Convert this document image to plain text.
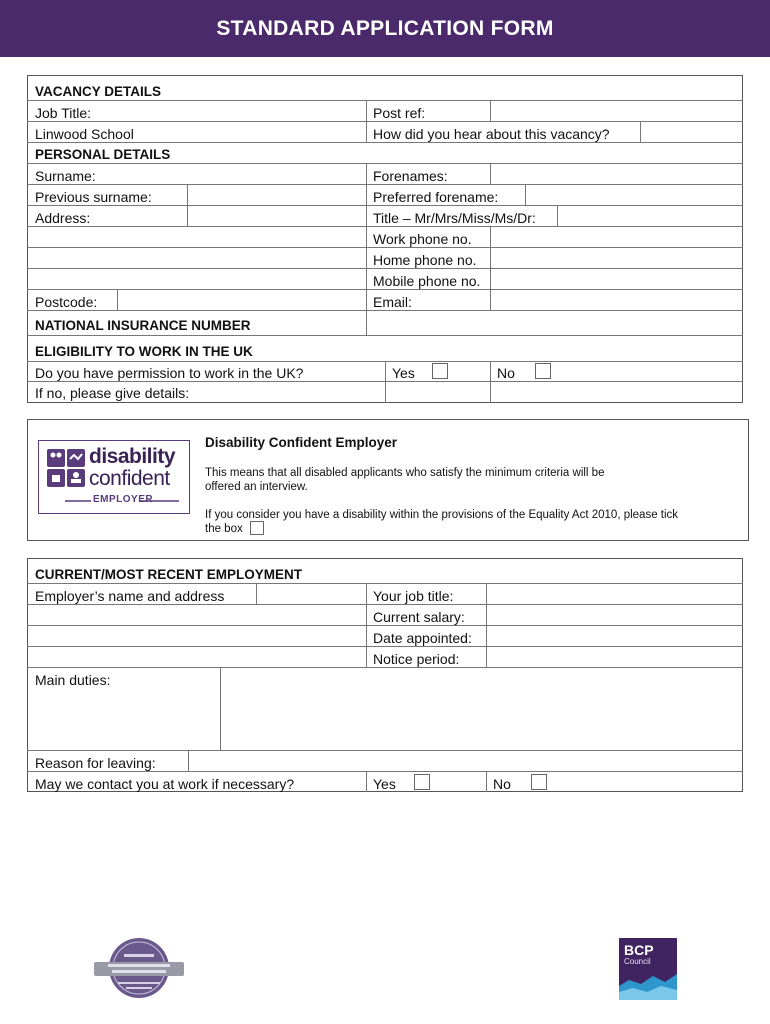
STANDARD APPLICATION FORM
VACANCY DETAILS
Job Title:	Post ref:
Linwood School	How did you hear about this vacancy?
PERSONAL DETAILS
Surname:	Forenames:
Previous surname:	Preferred forename:
Address:	Title – Mr/Mrs/Miss/Ms/Dr:
Work phone no.
Home phone no.
Mobile phone no.
Postcode:	Email:
NATIONAL INSURANCE NUMBER
ELIGIBILITY TO WORK IN THE UK
Do you have permission to work in the UK?	Yes	No
If no, please give details:
disability
confident
EMPLOYER
Disability Confident Employer
This means that all disabled applicants who satisfy the minimum criteria will be
offered an interview.
If you consider you have a disability within the provisions of the Equality Act 2010, please tick
the box
CURRENT/MOST RECENT EMPLOYMENT
Employer’s name and address	Your job title:
Current salary:
Date appointed:
Notice period:
Main duties:
Reason for leaving:
May we contact you at work if necessary?	Yes	No
BCP
Council
